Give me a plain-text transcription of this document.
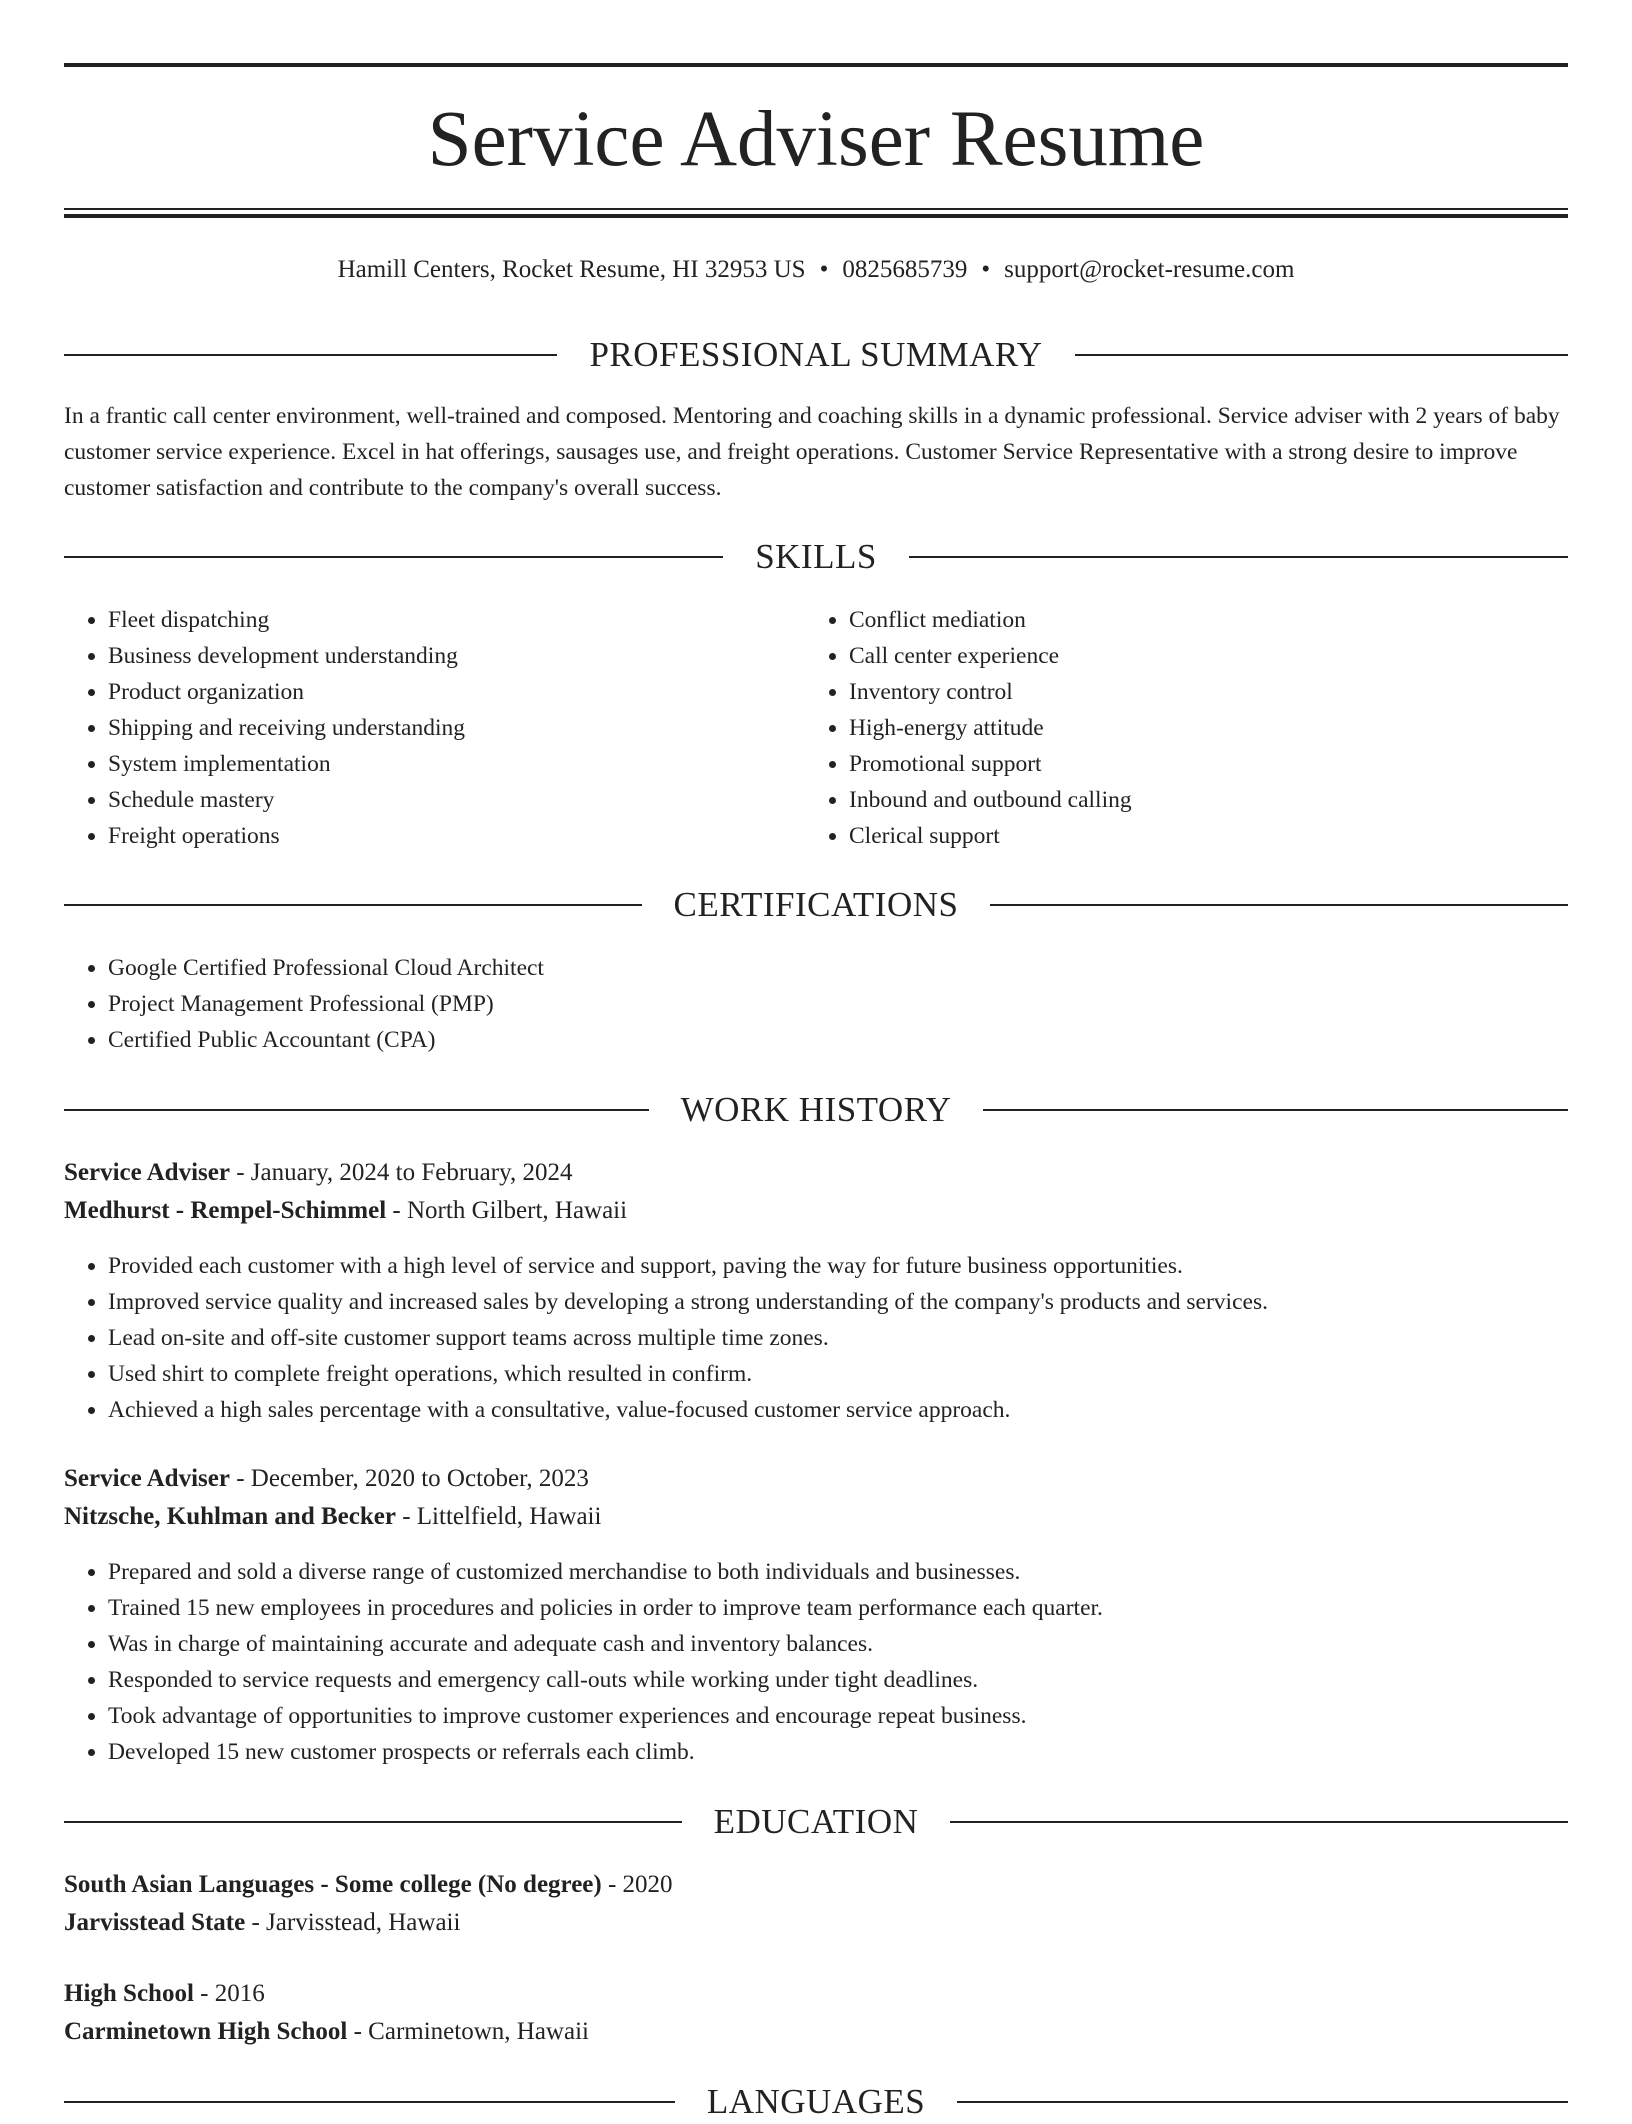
Service Adviser Resume
Hamill Centers, Rocket Resume, HI 32953 US • 0825685739 • support@rocket-resume.com
PROFESSIONAL SUMMARY

In a frantic call center environment, well-trained and composed. Mentoring and coaching skills in a dynamic professional. Service adviser with 2 years of baby customer service experience. Excel in hat offerings, sausages use, and freight operations. Customer Service Representative with a strong desire to improve customer satisfaction and contribute to the company's overall success.

SKILLS
• Fleet dispatching
• Business development understanding
• Product organization
• Shipping and receiving understanding
• System implementation
• Schedule mastery
• Freight operations
• Conflict mediation
• Call center experience
• Inventory control
• High-energy attitude
• Promotional support
• Inbound and outbound calling
• Clerical support
CERTIFICATIONS
• Google Certified Professional Cloud Architect
• Project Management Professional (PMP)
• Certified Public Accountant (CPA)
WORK HISTORY

Service Adviser - January, 2024 to February, 2024

Medhurst - Rempel-Schimmel - North Gilbert, Hawaii

• Provided each customer with a high level of service and support, paving the way for future business opportunities.
• Improved service quality and increased sales by developing a strong understanding of the company's products and services.
• Lead on-site and off-site customer support teams across multiple time zones.
• Used shirt to complete freight operations, which resulted in confirm.
• Achieved a high sales percentage with a consultative, value-focused customer service approach.

Service Adviser - December, 2020 to October, 2023

Nitzsche, Kuhlman and Becker - Littelfield, Hawaii

• Prepared and sold a diverse range of customized merchandise to both individuals and businesses.
• Trained 15 new employees in procedures and policies in order to improve team performance each quarter.
• Was in charge of maintaining accurate and adequate cash and inventory balances.
• Responded to service requests and emergency call-outs while working under tight deadlines.
• Took advantage of opportunities to improve customer experiences and encourage repeat business.
• Developed 15 new customer prospects or referrals each climb.
EDUCATION

South Asian Languages - Some college (No degree) - 2020

Jarvisstead State - Jarvisstead, Hawaii

High School - 2016

Carminetown High School - Carminetown, Hawaii

LANGUAGES
